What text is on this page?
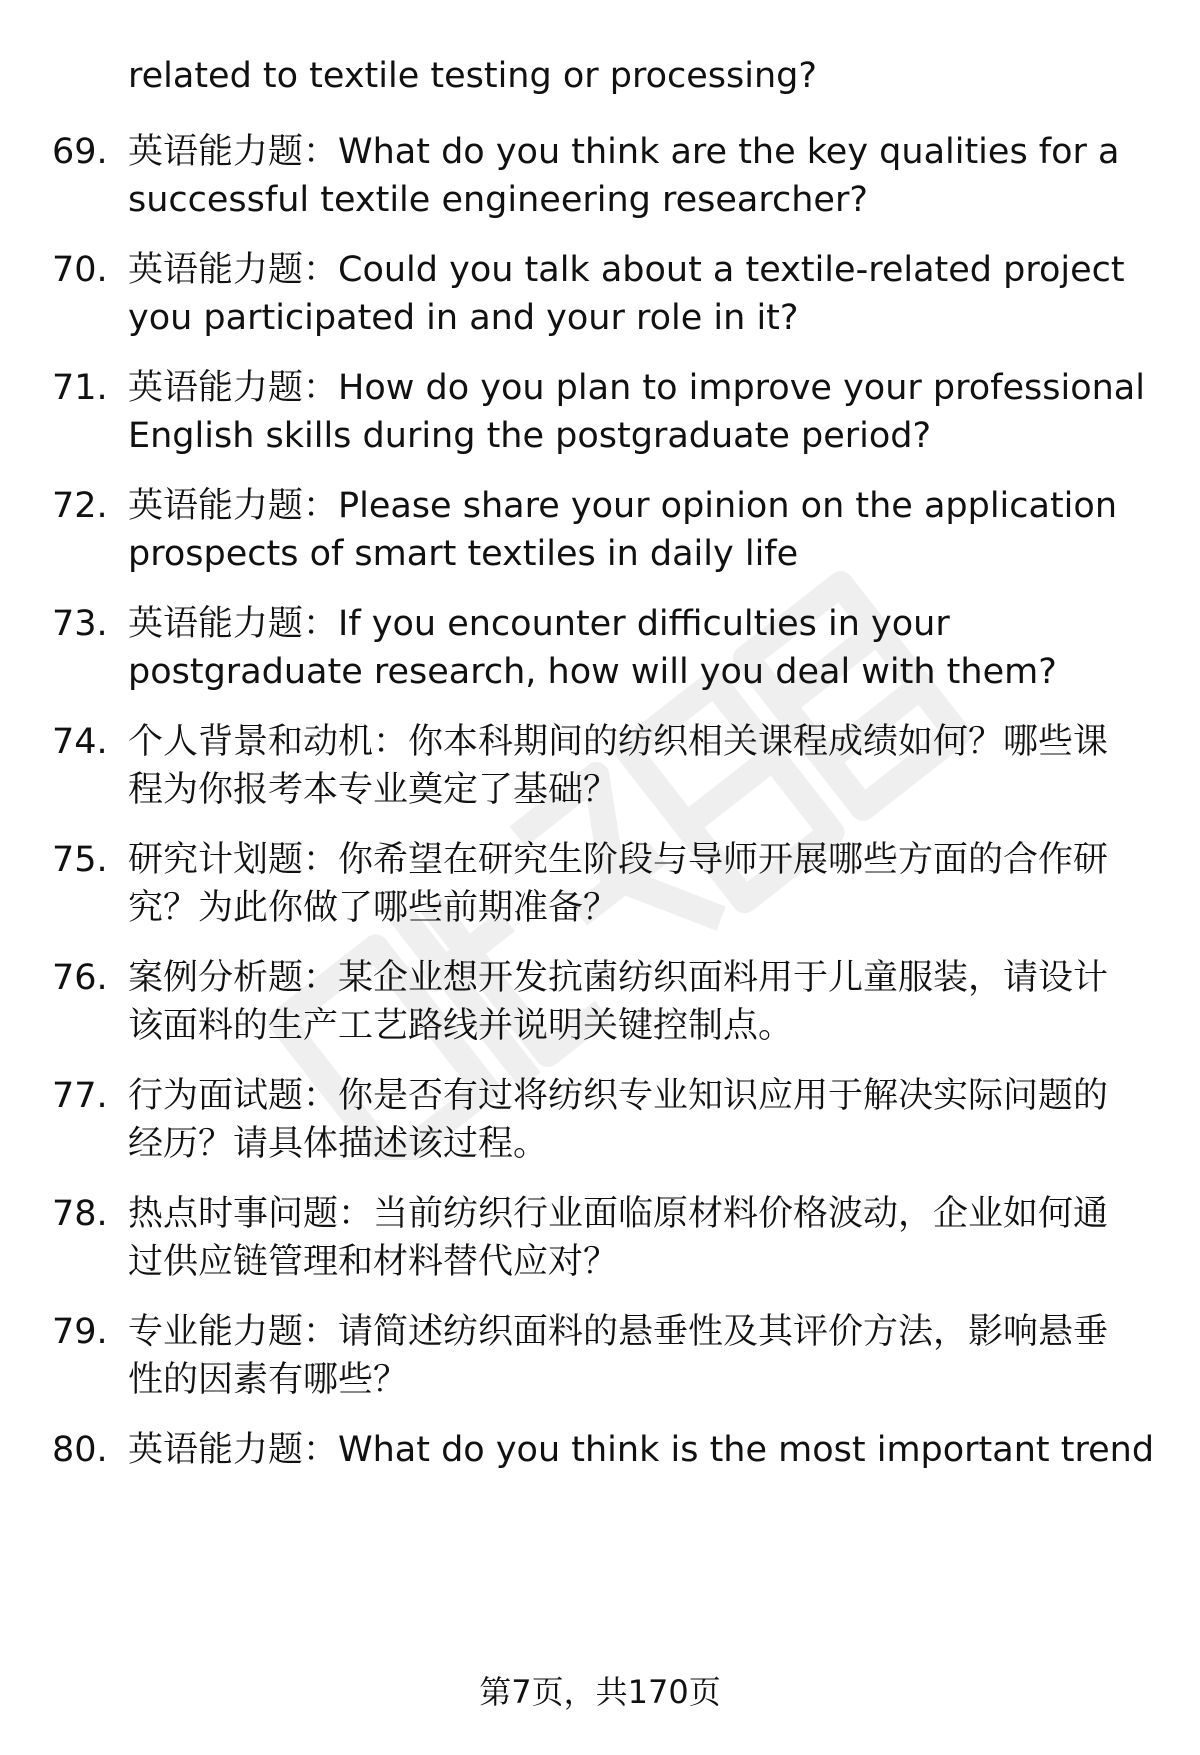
related to textile testing or processing?
69. 英语能力题：What do you think are the key qualities for a
successful textile engineering researcher?
70. 英语能力题：Could you talk about a textile-related project
you participated in and your role in it?
71. 英语能力题：How do you plan to improve your professional
English skills during the postgraduate period?
72. 英语能力题：Please share your opinion on the application
prospects of smart textiles in daily life
73. 英语能力题：If you encounter difficulties in your
postgraduate research, how will you deal with them?
74. 个人背景和动机：你本科期间的纺织相关课程成绩如何？哪些课
程为你报考本专业奠定了基础？
75. 研究计划题：你希望在研究生阶段与导师开展哪些方面的合作研
究？为此你做了哪些前期准备？
76. 案例分析题：某企业想开发抗菌纺织面料用于儿童服装，请设计
该面料的生产工艺路线并说明关键控制点。
77. 行为面试题：你是否有过将纺织专业知识应用于解决实际问题的
经历？请具体描述该过程。
78. 热点时事问题：当前纺织行业面临原材料价格波动，企业如何通
过供应链管理和材料替代应对？
79. 专业能力题：请简述纺织面料的悬垂性及其评价方法，影响悬垂
性的因素有哪些？
80. 英语能力题：What do you think is the most important trend
第7页，共170页
